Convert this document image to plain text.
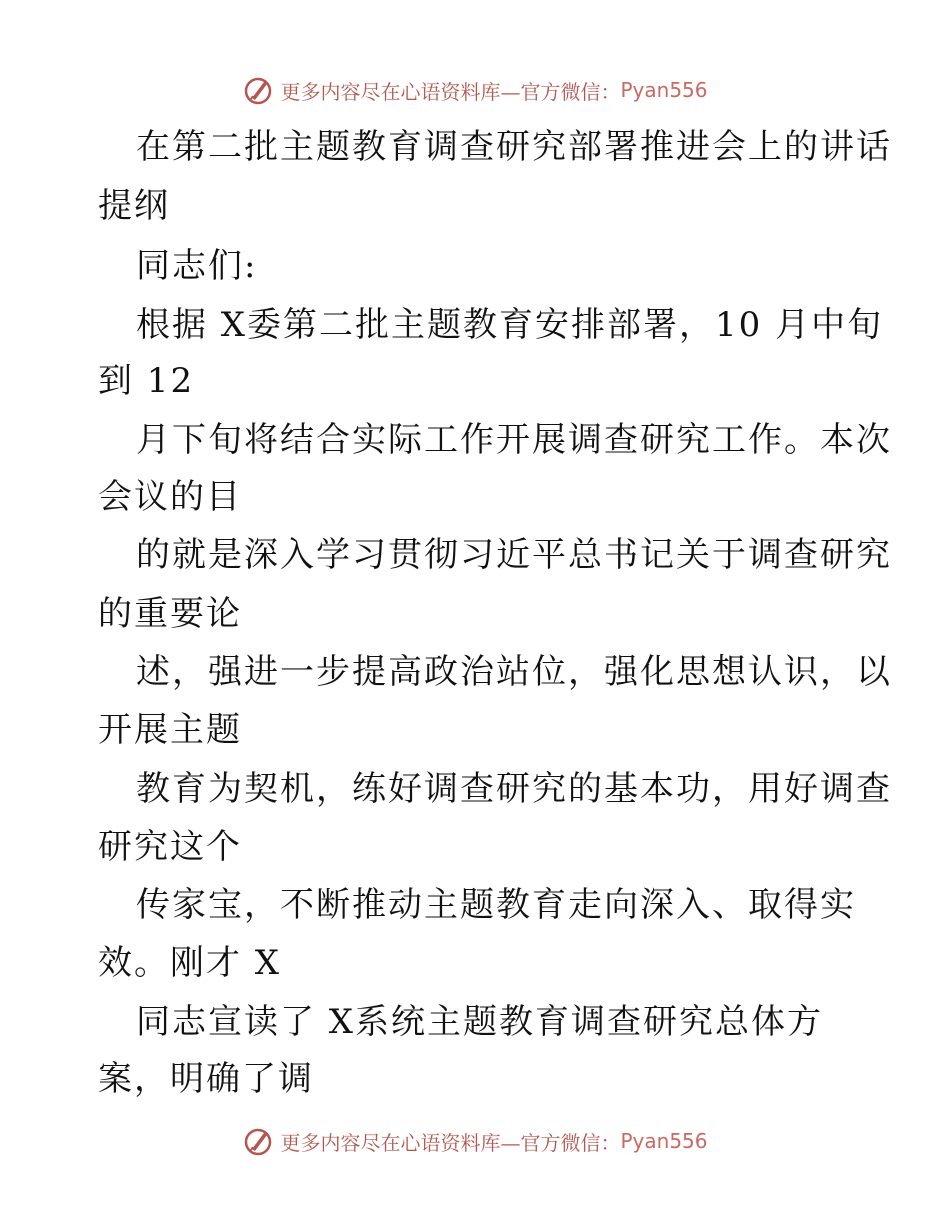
更多内容尽在心语资料库—官方微信： Pyan556
在第二批主题教育调查研究部署推进会上的讲话
提纲
同志们:
根据 X委第二批主题教育安排部署，10 月中旬
到 12
月下旬将结合实际工作开展调查研究工作。本次
会议的目
的就是深入学习贯彻习近平总书记关于调查研究
的重要论
述，强进一步提高政治站位，强化思想认识，以
开展主题
教育为契机，练好调查研究的基本功，用好调查
研究这个
传家宝，不断推动主题教育走向深入、取得实
效。刚才 X
同志宣读了 X系统主题教育调查研究总体方
案，明确了调
更多内容尽在心语资料库—官方微信： Pyan556
